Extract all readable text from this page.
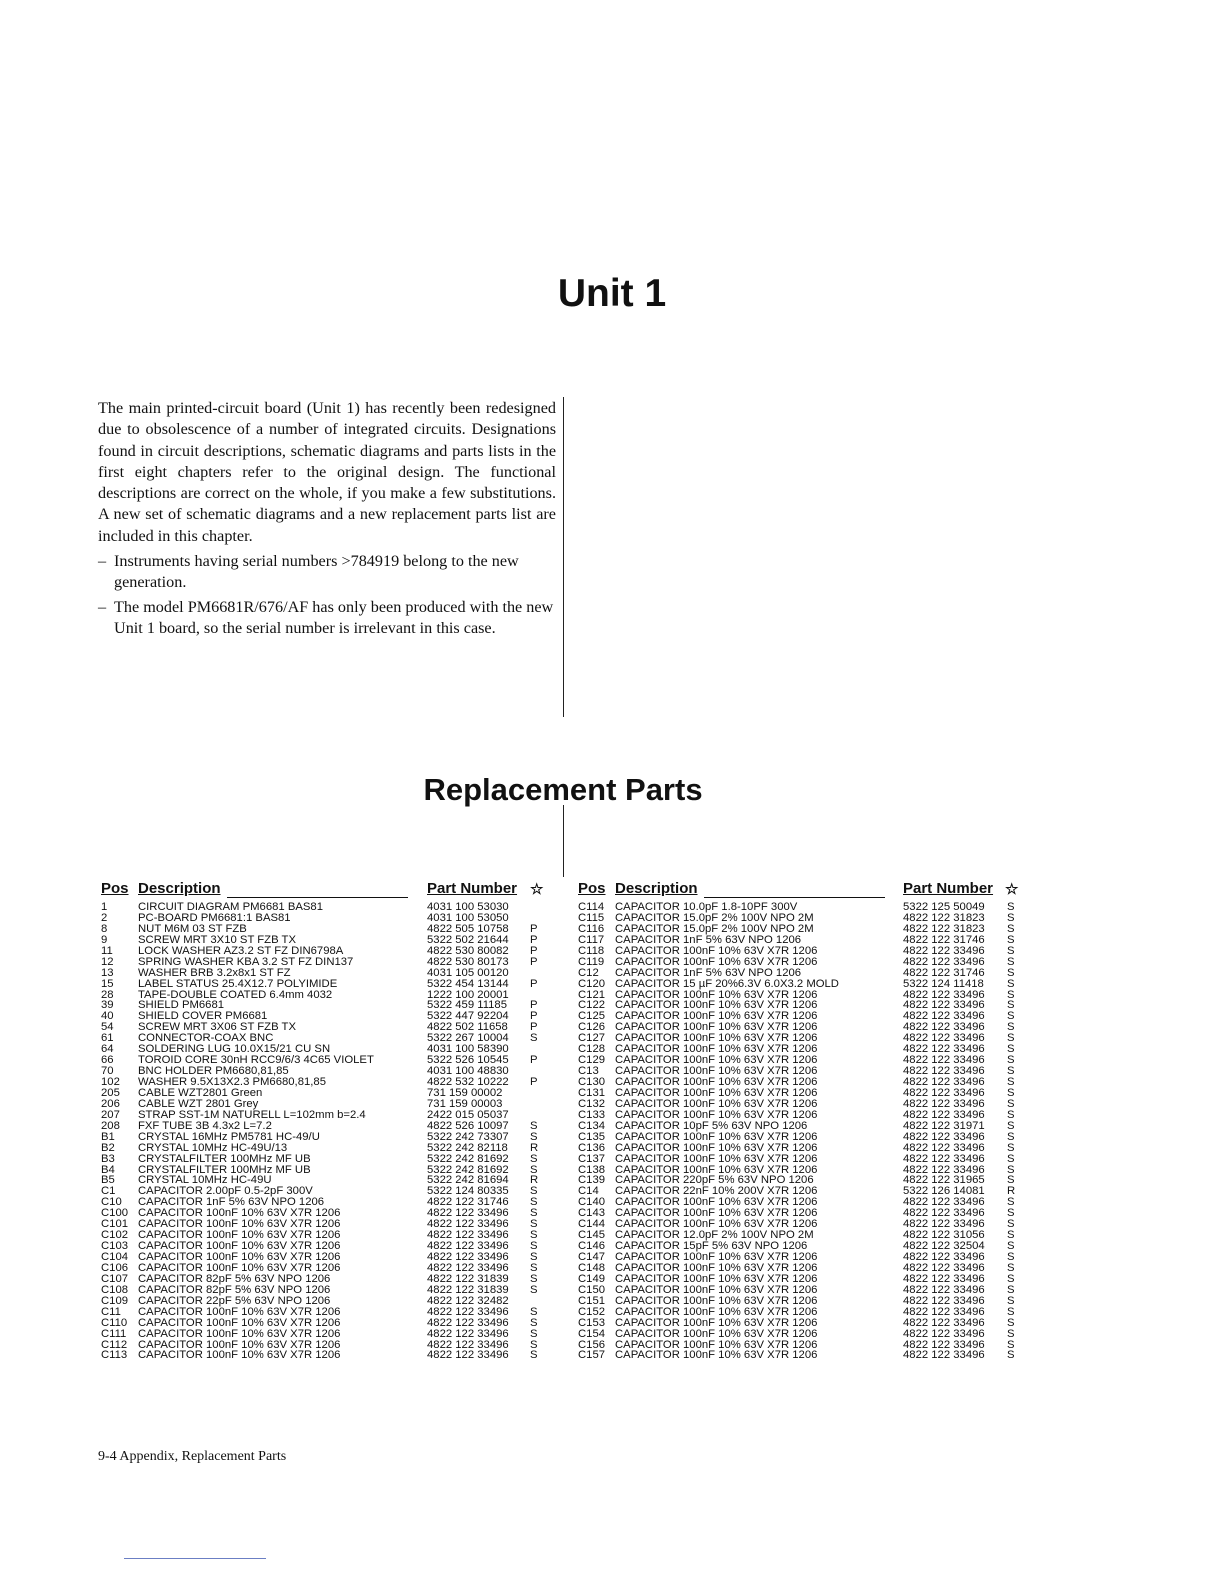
Unit 1

The main printed-circuit board (Unit 1) has recently been redesigned due to obsolescence of a number of integrated circuits. Designations found in circuit descriptions, schematic diagrams and parts lists in the first eight chapters refer to the original design. The functional descriptions are correct on the whole, if you make a few substitutions. A new set of schematic diagrams and a new replacement parts list are included in this chapter.

– Instruments having serial numbers >784919 belong to the new generation.
– The model PM6681R/676/AF has only been produced with the new Unit 1 board, so the serial number is irrelevant in this case.
Replacement Parts
Pos Description	Part Number ☆
1	CIRCUIT DIAGRAM PM6681 BAS81	4031 100 53030
2	PC-BOARD PM6681:1 BAS81	4031 100 53050
8	NUT M6M 03 ST FZB	4822 505 10758 P
9	SCREW MRT 3X10 ST FZB TX	5322 502 21644 P
11 LOCK WASHER AZ3.2 ST FZ DIN6798A	4822 530 80082 P
12 SPRING WASHER KBA 3.2 ST FZ DIN137	4822 530 80173 P
13 WASHER BRB 3.2x8x1 ST FZ	4031 105 00120
15 LABEL STATUS 25.4X12.7 POLYIMIDE	5322 454 13144 P
28 TAPE-DOUBLE COATED 6.4mm 4032	1222 100 20001
39 SHIELD PM6681	5322 459 11185 P
40 SHIELD COVER PM6681	5322 447 92204 P
54 SCREW MRT 3X06 ST FZB TX	4822 502 11658 P
61 CONNECTOR-COAX BNC	5322 267 10004 S
64 SOLDERING LUG 10.0X15/21 CU SN	4031 100 58390
66 TOROID CORE 30nH RCC9/6/3 4C65 VIOLET	5322 526 10545 P
70 BNC HOLDER PM6680,81,85	4031 100 48830
102 WASHER 9.5X13X2.3 PM6680,81,85	4822 532 10222 P
205 CABLE WZT2801 Green	731 159 00002
206 CABLE WZT 2801 Grey	731 159 00003
207 STRAP SST-1M NATURELL L=102mm b=2.4	2422 015 05037
208 FXF TUBE 3B 4.3x2 L=7.2	4822 526 10097 S
B1 CRYSTAL 16MHz PM5781 HC-49/U	5322 242 73307 S
B2 CRYSTAL 10MHz HC-49U/13	5322 242 82118 R
B3 CRYSTALFILTER 100MHz MF UB	5322 242 81692 S
B4 CRYSTALFILTER 100MHz MF UB	5322 242 81692 S
B5 CRYSTAL 10MHz HC-49U	5322 242 81694 R
C1 CAPACITOR 2.00pF 0.5-2pF 300V	5322 124 80335 S
C10 CAPACITOR 1nF 5% 63V NPO 1206	4822 122 31746 S
C100 CAPACITOR 100nF 10% 63V X7R 1206	4822 122 33496 S
C101 CAPACITOR 100nF 10% 63V X7R 1206	4822 122 33496 S
C102 CAPACITOR 100nF 10% 63V X7R 1206	4822 122 33496 S
C103 CAPACITOR 100nF 10% 63V X7R 1206	4822 122 33496 S
C104 CAPACITOR 100nF 10% 63V X7R 1206	4822 122 33496 S
C106 CAPACITOR 100nF 10% 63V X7R 1206	4822 122 33496 S
C107 CAPACITOR 82pF 5% 63V NPO 1206	4822 122 31839 S
C108 CAPACITOR 82pF 5% 63V NPO 1206	4822 122 31839 S
C109 CAPACITOR 22pF 5% 63V NPO 1206	4822 122 32482
C11 CAPACITOR 100nF 10% 63V X7R 1206	4822 122 33496 S
C110 CAPACITOR 100nF 10% 63V X7R 1206	4822 122 33496 S
C111 CAPACITOR 100nF 10% 63V X7R 1206	4822 122 33496 S
C112 CAPACITOR 100nF 10% 63V X7R 1206	4822 122 33496 S
C113 CAPACITOR 100nF 10% 63V X7R 1206	4822 122 33496 S
Pos Description	Part Number ☆
C114 CAPACITOR 10.0pF 1.8-10PF 300V	5322 125 50049 S
C115 CAPACITOR 15.0pF 2% 100V NPO 2M	4822 122 31823 S
C116 CAPACITOR 15.0pF 2% 100V NPO 2M	4822 122 31823 S
C117 CAPACITOR 1nF 5% 63V NPO 1206	4822 122 31746 S
C118 CAPACITOR 100nF 10% 63V X7R 1206	4822 122 33496 S
C119 CAPACITOR 100nF 10% 63V X7R 1206	4822 122 33496 S
C12 CAPACITOR 1nF 5% 63V NPO 1206	4822 122 31746 S
C120 CAPACITOR 15 µF 20%6.3V 6.0X3.2 MOLD	5322 124 11418 S
C121 CAPACITOR 100nF 10% 63V X7R 1206	4822 122 33496 S
C122 CAPACITOR 100nF 10% 63V X7R 1206	4822 122 33496 S
C125 CAPACITOR 100nF 10% 63V X7R 1206	4822 122 33496 S
C126 CAPACITOR 100nF 10% 63V X7R 1206	4822 122 33496 S
C127 CAPACITOR 100nF 10% 63V X7R 1206	4822 122 33496 S
C128 CAPACITOR 100nF 10% 63V X7R 1206	4822 122 33496 S
C129 CAPACITOR 100nF 10% 63V X7R 1206	4822 122 33496 S
C13 CAPACITOR 100nF 10% 63V X7R 1206	4822 122 33496 S
C130 CAPACITOR 100nF 10% 63V X7R 1206	4822 122 33496 S
C131 CAPACITOR 100nF 10% 63V X7R 1206	4822 122 33496 S
C132 CAPACITOR 100nF 10% 63V X7R 1206	4822 122 33496 S
C133 CAPACITOR 100nF 10% 63V X7R 1206	4822 122 33496 S
C134 CAPACITOR 10pF 5% 63V NPO 1206	4822 122 31971 S
C135 CAPACITOR 100nF 10% 63V X7R 1206	4822 122 33496 S
C136 CAPACITOR 100nF 10% 63V X7R 1206	4822 122 33496 S
C137 CAPACITOR 100nF 10% 63V X7R 1206	4822 122 33496 S
C138 CAPACITOR 100nF 10% 63V X7R 1206	4822 122 33496 S
C139 CAPACITOR 220pF 5% 63V NPO 1206	4822 122 31965 S
C14 CAPACITOR 22nF 10% 200V X7R 1206	5322 126 14081 R
C140 CAPACITOR 100nF 10% 63V X7R 1206	4822 122 33496 S
C143 CAPACITOR 100nF 10% 63V X7R 1206	4822 122 33496 S
C144 CAPACITOR 100nF 10% 63V X7R 1206	4822 122 33496 S
C145 CAPACITOR 12.0pF 2% 100V NPO 2M	4822 122 31056 S
C146 CAPACITOR 15pF 5% 63V NPO 1206	4822 122 32504 S
C147 CAPACITOR 100nF 10% 63V X7R 1206	4822 122 33496 S
C148 CAPACITOR 100nF 10% 63V X7R 1206	4822 122 33496 S
C149 CAPACITOR 100nF 10% 63V X7R 1206	4822 122 33496 S
C150 CAPACITOR 100nF 10% 63V X7R 1206	4822 122 33496 S
C151 CAPACITOR 100nF 10% 63V X7R 1206	4822 122 33496 S
C152 CAPACITOR 100nF 10% 63V X7R 1206	4822 122 33496 S
C153 CAPACITOR 100nF 10% 63V X7R 1206	4822 122 33496 S
C154 CAPACITOR 100nF 10% 63V X7R 1206	4822 122 33496 S
C156 CAPACITOR 100nF 10% 63V X7R 1206	4822 122 33496 S
C157 CAPACITOR 100nF 10% 63V X7R 1206	4822 122 33496 S
9-4 Appendix, Replacement Parts
